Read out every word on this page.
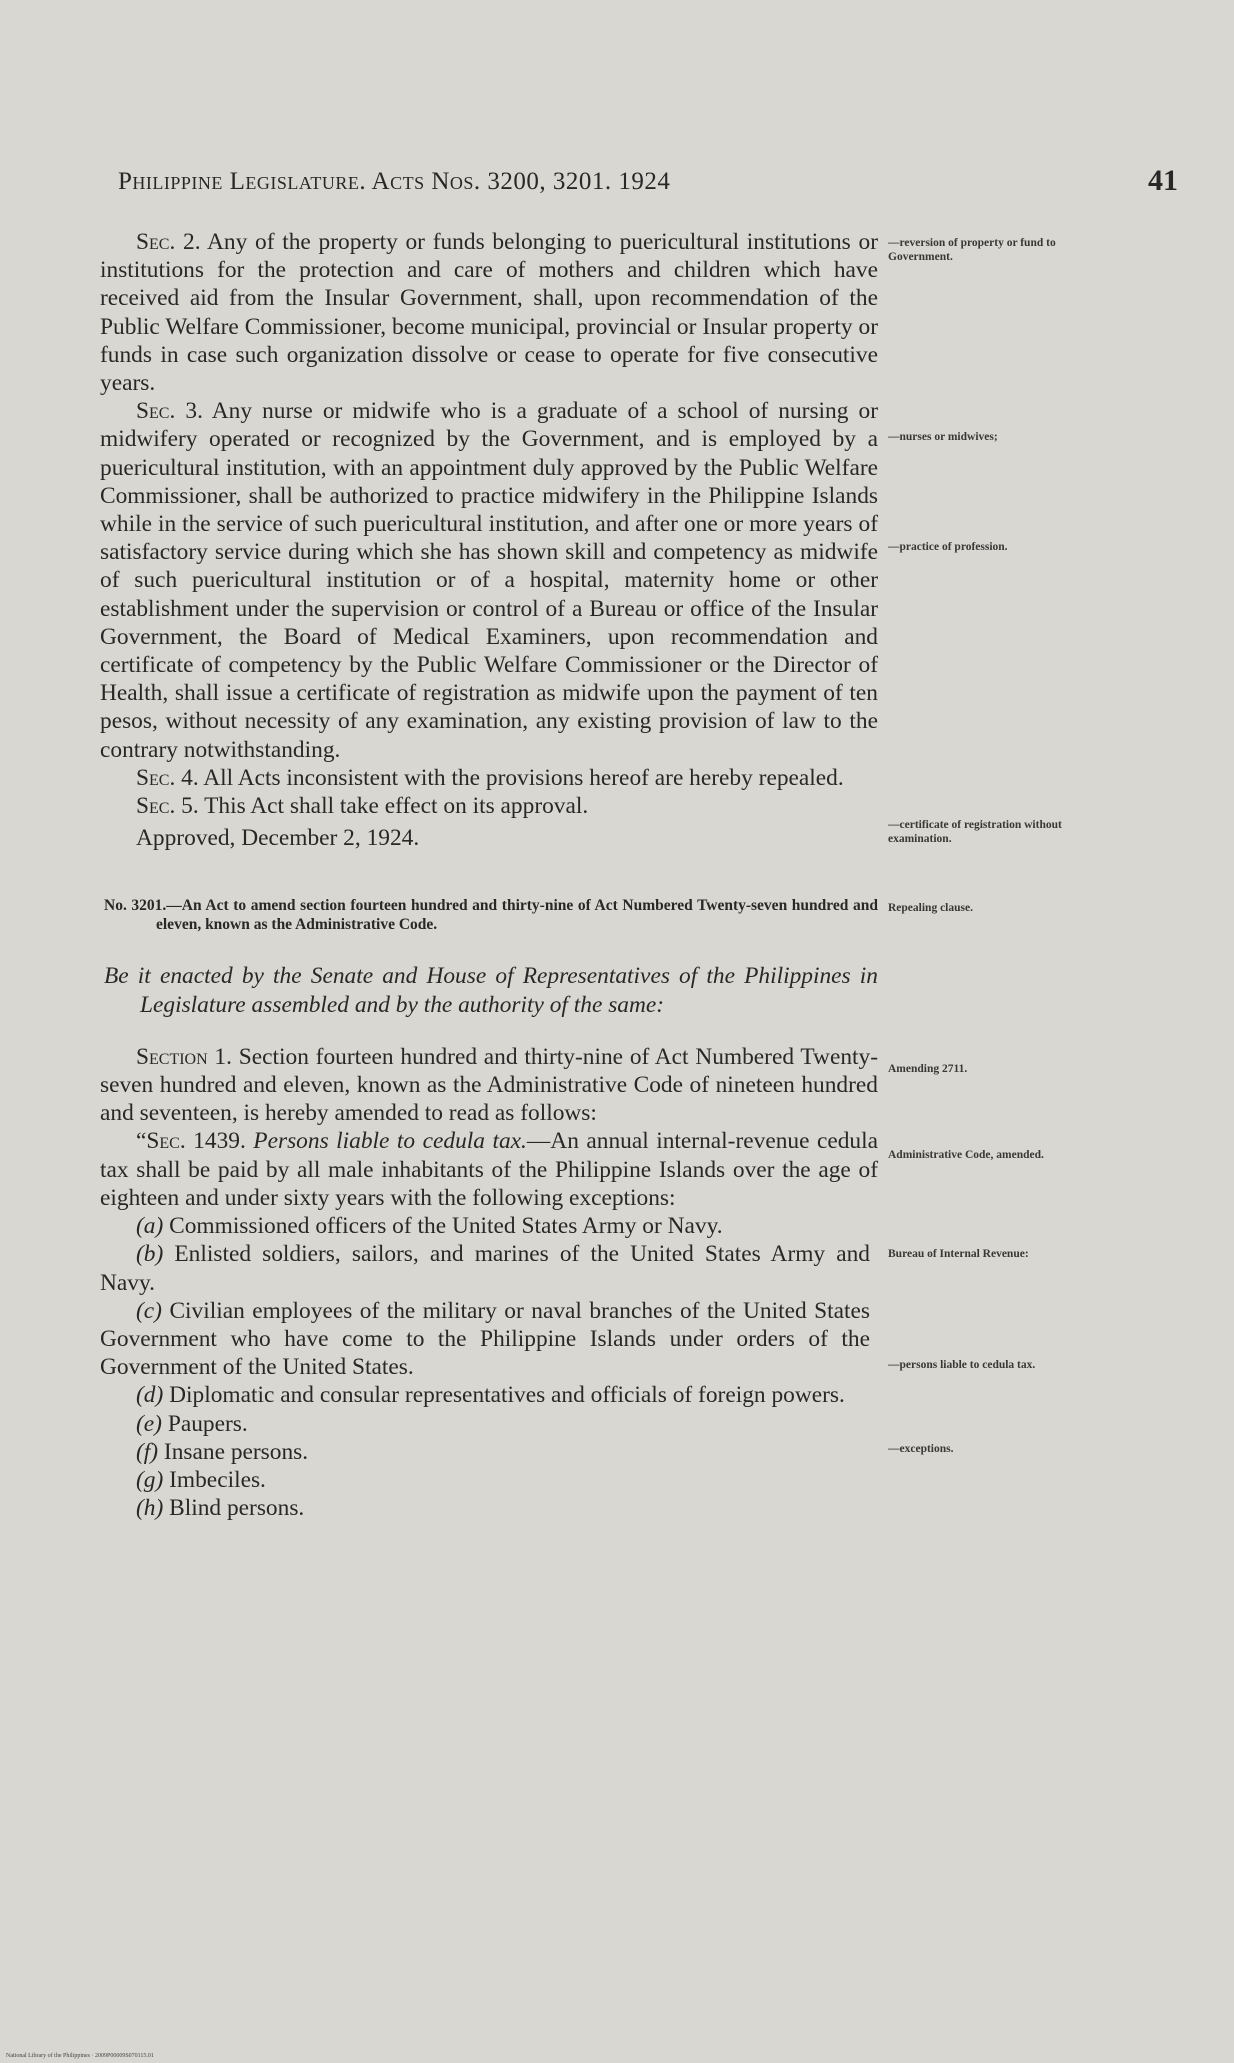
Philippine Legislature. Acts Nos. 3200, 3201. 1924	41

Sec. 2. Any of the property or funds belonging to puericultural institutions or institutions for the protection and care of mothers and children which have received aid from the Insular Government, shall, upon recommendation of the Public Welfare Commissioner, become municipal, provincial or Insular property or funds in case such organization dissolve or cease to operate for five consecutive years.

Sec. 3. Any nurse or midwife who is a graduate of a school of nursing or midwifery operated or recognized by the Government, and is employed by a puericultural institution, with an appointment duly approved by the Public Welfare Commissioner, shall be authorized to practice midwifery in the Philippine Islands while in the service of such puericultural institution, and after one or more years of satisfactory service during which she has shown skill and competency as midwife of such puericultural institution or of a hospital, maternity home or other establishment under the supervision or control of a Bureau or office of the Insular Government, the Board of Medical Examiners, upon recommendation and certificate of competency by the Public Welfare Commissioner or the Director of Health, shall issue a certificate of registration as midwife upon the payment of ten pesos, without necessity of any examination, any existing provision of law to the contrary notwithstanding.

Sec. 4. All Acts inconsistent with the provisions hereof are hereby repealed.

Sec. 5. This Act shall take effect on its approval.

Approved, December 2, 1924.

No. 3201.—An Act to amend section fourteen hundred and thirty-nine of Act Numbered Twenty-seven hundred and eleven, known as the Administrative Code.

Be it enacted by the Senate and House of Representatives of the Philippines in Legislature assembled and by the authority of the same:

Section 1. Section fourteen hundred and thirty-nine of Act Numbered Twenty-seven hundred and eleven, known as the Administrative Code of nineteen hundred and seventeen, is hereby amended to read as follows:

“Sec. 1439. Persons liable to cedula tax.—An annual internal-revenue cedula tax shall be paid by all male inhabitants of the Philippine Islands over the age of eighteen and under sixty years with the following exceptions:

(a) Commissioned officers of the United States Army or Navy.

(b) Enlisted soldiers, sailors, and marines of the United States Army and Navy.

(c) Civilian employees of the military or naval branches of the United States Government who have come to the Philippine Islands under orders of the Government of the United States.

(d) Diplomatic and consular representatives and officials of foreign powers.

(e) Paupers.

(f) Insane persons.

(g) Imbeciles.

(h) Blind persons.

—reversion of property or fund to Government.
—nurses or midwives;
—practice of profession.
—certificate of registration without examination.
Repealing clause.
Amending 2711.
Administrative Code, amended.
Bureau of Internal Revenue:
—persons liable to cedula tax.
—exceptions.
National Library of the Philippines · 2009P00009S070115.01
